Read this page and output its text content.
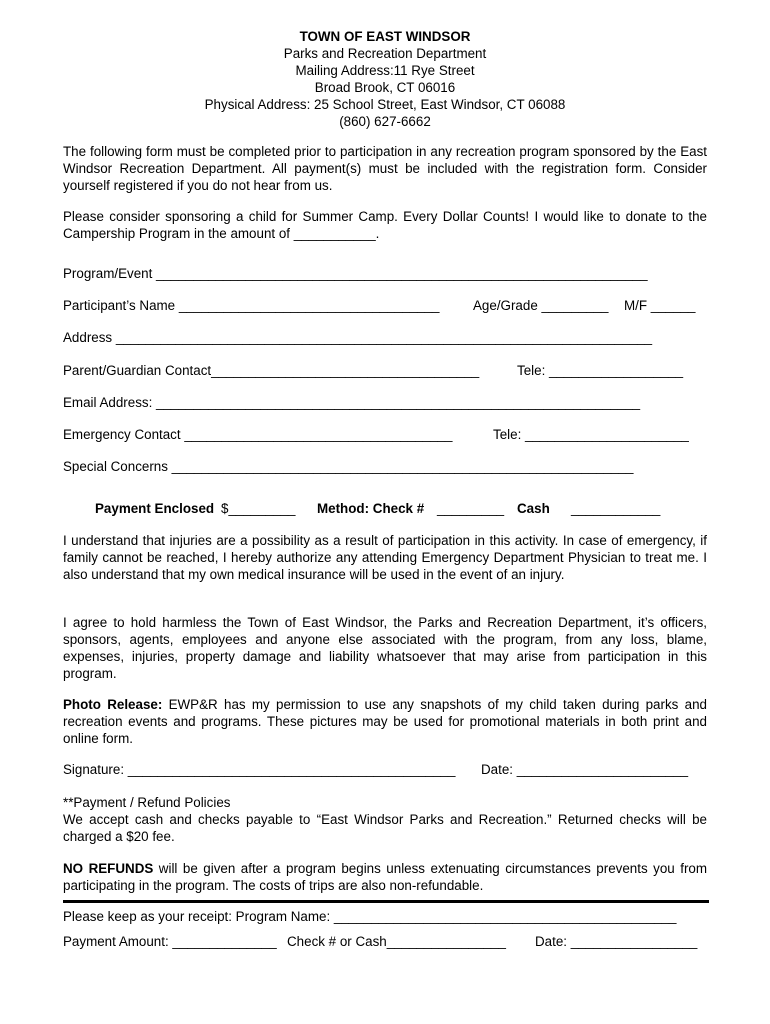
TOWN OF EAST WINDSOR
Parks and Recreation Department
Mailing Address:11 Rye Street
Broad Brook, CT 06016
Physical Address: 25 School Street, East Windsor, CT 06088
(860) 627-6662
The following form must be completed prior to participation in any recreation program sponsored by the East Windsor Recreation Department. All payment(s) must be included with the registration form. Consider yourself registered if you do not hear from us.
Please consider sponsoring a child for Summer Camp. Every Dollar Counts! I would like to donate to the Campership Program in the amount of ___________.
Program/Event __________________________________________________________________
Participant’s Name ___________________________________ Age/Grade _________ M/F ______
Address ________________________________________________________________________
Parent/Guardian Contact____________________________________	Tele: __________________
Email Address: _________________________________________________________________
Emergency Contact ____________________________________	Tele: ______________________
Special Concerns ______________________________________________________________
Payment Enclosed $_________ Method: Check # _________ Cash ____________
I understand that injuries are a possibility as a result of participation in this activity. In case of emergency, if family cannot be reached, I hereby authorize any attending Emergency Department Physician to treat me. I also understand that my own medical insurance will be used in the event of an injury.
I agree to hold harmless the Town of East Windsor, the Parks and Recreation Department, it’s officers, sponsors, agents, employees and anyone else associated with the program, from any loss, blame, expenses, injuries, property damage and liability whatsoever that may arise from participation in this program.
Photo Release: EWP&R has my permission to use any snapshots of my child taken during parks and recreation events and programs. These pictures may be used for promotional materials in both print and online form.
Signature: ____________________________________________ Date: _______________________
**Payment / Refund Policies
We accept cash and checks payable to “East Windsor Parks and Recreation.” Returned checks will be charged a $20 fee.
NO REFUNDS will be given after a program begins unless extenuating circumstances prevents you from participating in the program. The costs of trips are also non-refundable.
Please keep as your receipt: Program Name: ______________________________________________
Payment Amount: ______________ Check # or Cash________________ Date: _________________
